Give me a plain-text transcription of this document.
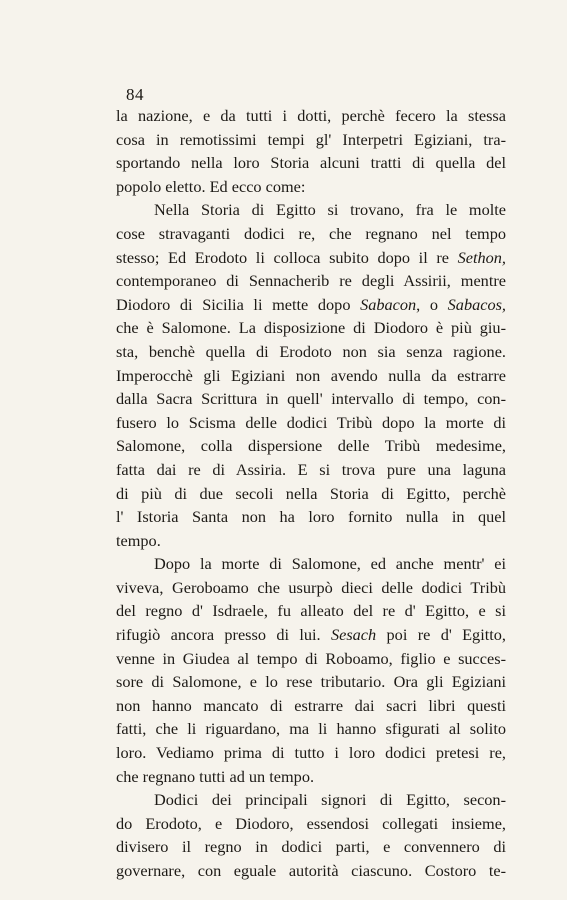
84
la nazione, e da tutti i dotti, perchè fecero la stessa
cosa in remotissimi tempi gl' Interpetri Egiziani, tra-
sportando nella loro Storia alcuni tratti di quella del
popolo eletto. Ed ecco come:
Nella Storia di Egitto si trovano, fra le molte
cose stravaganti dodici re, che regnano nel tempo
stesso; Ed Erodoto li colloca subito dopo il re Sethon,
contemporaneo di Sennacherib re degli Assirii, mentre
Diodoro di Sicilia li mette dopo Sabacon, o Sabacos,
che è Salomone. La disposizione di Diodoro è più giu-
sta, benchè quella di Erodoto non sia senza ragione.
Imperocchè gli Egiziani non avendo nulla da estrarre
dalla Sacra Scrittura in quell' intervallo di tempo, con-
fusero lo Scisma delle dodici Tribù dopo la morte di
Salomone, colla dispersione delle Tribù medesime,
fatta dai re di Assiria. E si trova pure una laguna
di più di due secoli nella Storia di Egitto, perchè
l' Istoria Santa non ha loro fornito nulla in quel
tempo.
Dopo la morte di Salomone, ed anche mentr' ei
viveva, Geroboamo che usurpò dieci delle dodici Tribù
del regno d' Isdraele, fu alleato del re d' Egitto, e si
rifugiò ancora presso di lui. Sesach poi re d' Egitto,
venne in Giudea al tempo di Roboamo, figlio e succes-
sore di Salomone, e lo rese tributario. Ora gli Egiziani
non hanno mancato di estrarre dai sacri libri questi
fatti, che li riguardano, ma li hanno sfigurati al solito
loro. Vediamo prima di tutto i loro dodici pretesi re,
che regnano tutti ad un tempo.
Dodici dei principali signori di Egitto, secon-
do Erodoto, e Diodoro, essendosi collegati insieme,
divisero il regno in dodici parti, e convennero di
governare, con eguale autorità ciascuno. Costoro te-
